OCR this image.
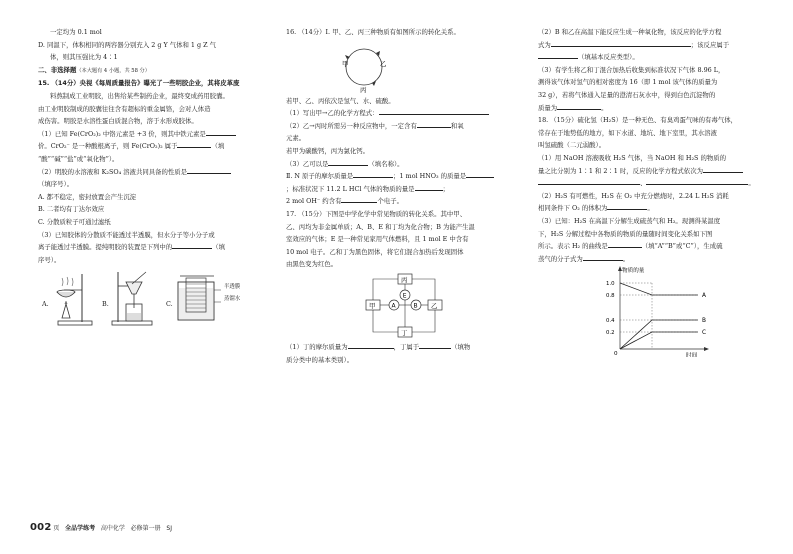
一定均为 0.1 mol
D. 同温下，体积相同的两容器分别充入 2 g Y 气体和 1 g Z 气
体，则其压强比为 4∶1
二、非选择题（本大题有 4 小题，共 58 分）
15. （14分）央视《每周质量报告》曝光了一些明胶企业，其将皮革废
料熬制成工业明胶，出售给某些制药企业，最终变成药用胶囊。
由工业明胶制成的胶囊往往含有超标的重金属铬，会对人体造
成伤害。明胶是水溶性蛋白质混合物，溶于水形成胶体。
（1）已知 Fe(CrO₂)₂ 中铬元素是 +3 价，则其中铁元素是
价。CrO₂⁻ 是一种酸根离子，则 Fe(CrO₂)₂ 属于	（填
“酸”“碱”“盐”或“氧化物”）。
（2）明胶的水溶液和 K₂SO₄ 溶液共同具备的性质是
（填序号）。
A. 都不稳定，密封放置会产生沉淀
B. 二者均有丁达尔效应
C. 分散质粒子可通过滤纸
（3）已知胶体的分散质不能透过半透膜，但水分子等小分子或
离子能透过半透膜。提纯明胶的装置是下列中的	（填
序号）。
A.	B.	C.
半透膜
蒸馏水
16. （14分）Ⅰ. 甲、乙、丙三种物质有如图所示的转化关系。
甲	乙
丙
若甲、乙、丙依次是氢气、水、硫酸。
（1）写出甲→乙的化学方程式：
（2）乙→丙时所需另一种反应物中，一定含有	和氧
元素。
若甲为碳酸钙，丙为氯化钙。
（3）乙可以是	（填名称）。
Ⅱ. N 原子的摩尔质量是	；1 mol HNO₃ 的质量是
；标准状况下 11.2 L HCl 气体的物质的量是	；
2 mol OH⁻ 约含有	个电子。
17. （15分）下图是中学化学中常见物质的转化关系。其中甲、
乙、丙均为非金属单质；A、B、E 和丁均为化合物；B 为能产生温
室效应的气体；E 是一种常见家用气体燃料，且 1 mol E 中含有
10 mol 电子。乙和丁为黑色固体，将它们混合加热后发现固体
由黑色变为红色。
丙
甲	乙
丁
A	B
E
（1）丁的摩尔质量为	，丁属于	（填物
质分类中的基本类别）。
（2）B 和乙在高温下能反应生成一种氧化物，该反应的化学方程
式为	；该反应属于
（填基本反应类型）。
（3）有学生将乙和丁混合加热后收集到标准状况下气体 8.96 L，
测得该气体对氢气的相对密度为 16（即 1 mol 该气体的质量为
32 g），若将气体通入足量的澄清石灰水中，得到白色沉淀物的
质量为	。
18. （15分）硫化氢（H₂S）是一种无色、有臭鸡蛋气味的有毒气体，
常存在于地势低的地方，如下水道、地坑、地下室里，其水溶液
叫氢硫酸（二元弱酸）。
（1）用 NaOH 溶液吸收 H₂S 气体，当 NaOH 和 H₂S 的物质的
量之比分别为 1∶1 和 2∶1 时，反应的化学方程式依次为
、	。
（2）H₂S 有可燃性，H₂S 在 O₂ 中充分燃烧时，2.24 L H₂S 消耗
相同条件下 O₂ 的体积为	。
（3）已知：H₂S 在高温下分解生成硫蒸气和 H₂。现测得某温度
下，H₂S 分解过程中各物质的物质的量随时间变化关系如下图
所示。表示 H₂ 的曲线是	（填“A”“B”或“C”），生成硫
蒸气的分子式为	。
物质的量
时间
0
1.0
0.8
0.4
0.2
A
B
C
002 页 全品学练考 高中化学 必修第一册 SJ
